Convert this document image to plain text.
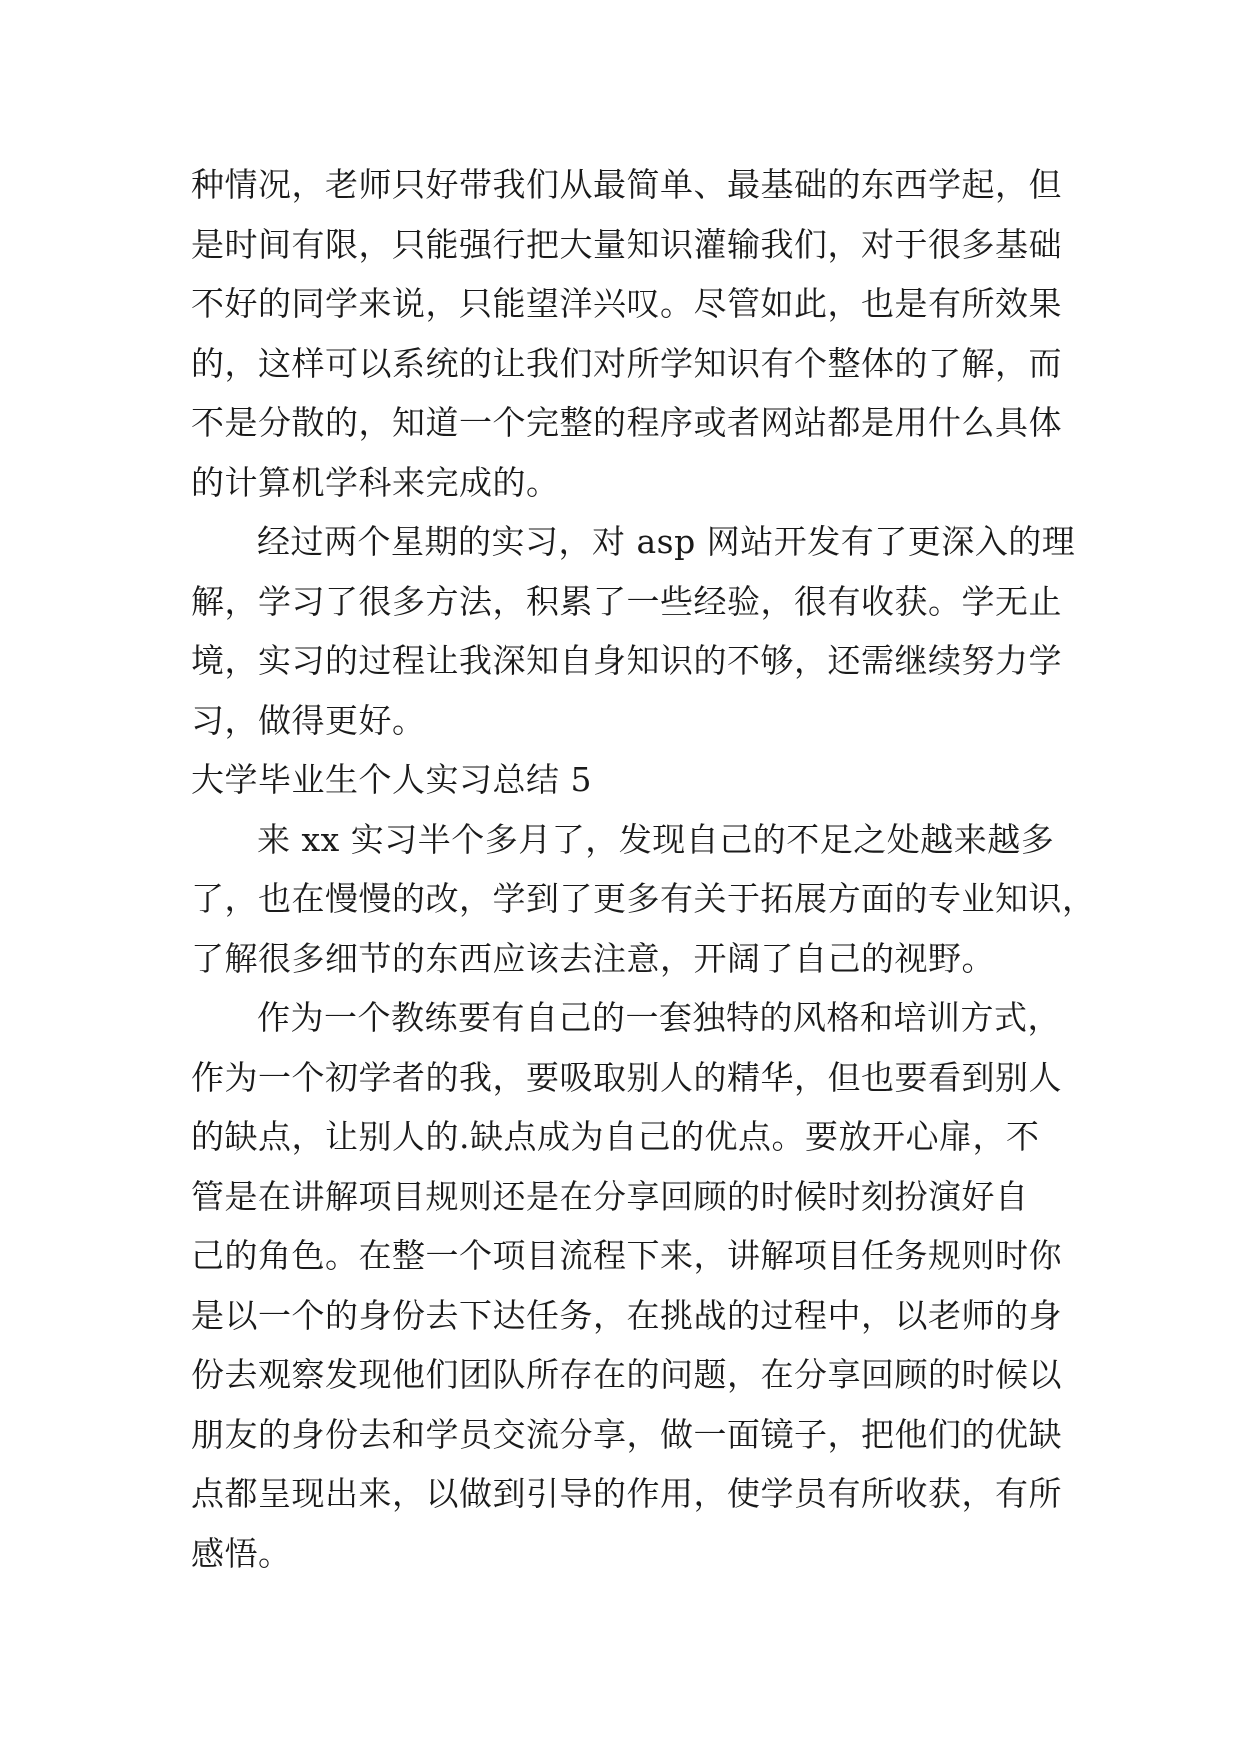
种情况，老师只好带我们从最简单、最基础的东西学起，但
是时间有限，只能强行把大量知识灌输我们，对于很多基础
不好的同学来说，只能望洋兴叹。尽管如此，也是有所效果
的，这样可以系统的让我们对所学知识有个整体的了解，而
不是分散的，知道一个完整的程序或者网站都是用什么具体
的计算机学科来完成的。
经过两个星期的实习，对 asp 网站开发有了更深入的理
解，学习了很多方法，积累了一些经验，很有收获。学无止
境，实习的过程让我深知自身知识的不够，还需继续努力学
习，做得更好。
大学毕业生个人实习总结 5
来 xx 实习半个多月了，发现自己的不足之处越来越多
了，也在慢慢的改，学到了更多有关于拓展方面的专业知识，
了解很多细节的东西应该去注意，开阔了自己的视野。
作为一个教练要有自己的一套独特的风格和培训方式，
作为一个初学者的我，要吸取别人的精华，但也要看到别人
的缺点，让别人的.缺点成为自己的优点。要放开心扉，不
管是在讲解项目规则还是在分享回顾的时候时刻扮演好自
己的角色。在整一个项目流程下来，讲解项目任务规则时你
是以一个的身份去下达任务，在挑战的过程中，以老师的身
份去观察发现他们团队所存在的问题，在分享回顾的时候以
朋友的身份去和学员交流分享，做一面镜子，把他们的优缺
点都呈现出来，以做到引导的作用，使学员有所收获，有所
感悟。
